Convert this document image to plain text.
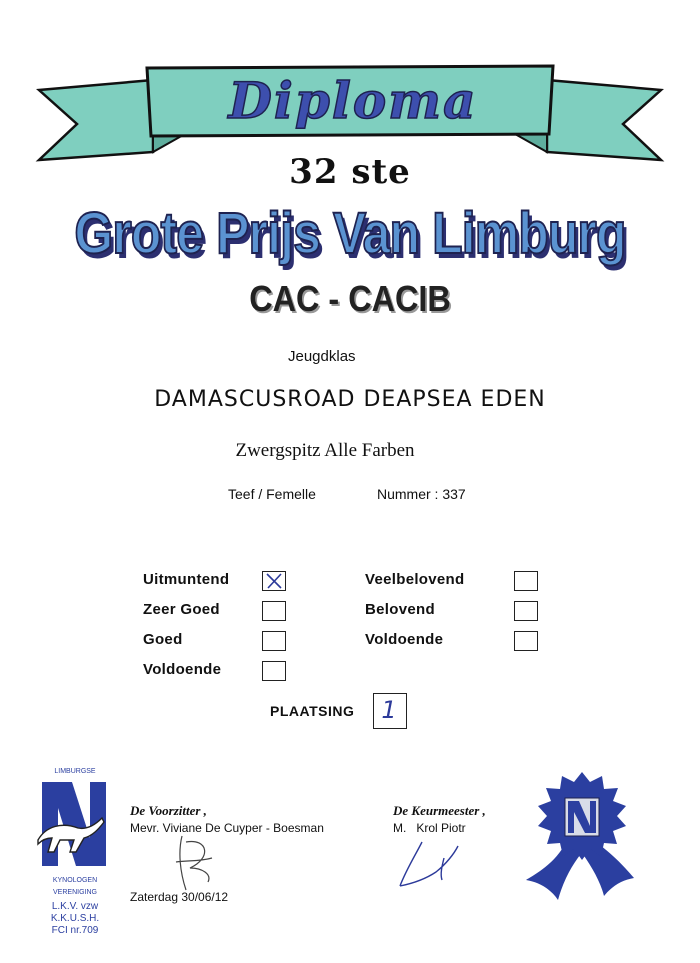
Diploma
32 ste
Grote Prijs Van Limburg
CAC - CACIB
Jeugdklas
DAMASCUSROAD DEAPSEA EDEN
Zwergspitz Alle Farben
Teef / Femelle	Nummer : 337
Uitmuntend
Zeer Goed
Goed
Voldoende
Veelbelovend
Belovend
Voldoende
PLAATSING	1
LIMBURGSE
KYNOLOGEN VERENIGING
L.K.V. vzw
K.K.U.S.H.
FCI nr.709
De Voorzitter ,
Mevr. Viviane De Cuyper - Boesman
Zaterdag 30/06/12
De Keurmeester ,
M.   Krol Piotr
